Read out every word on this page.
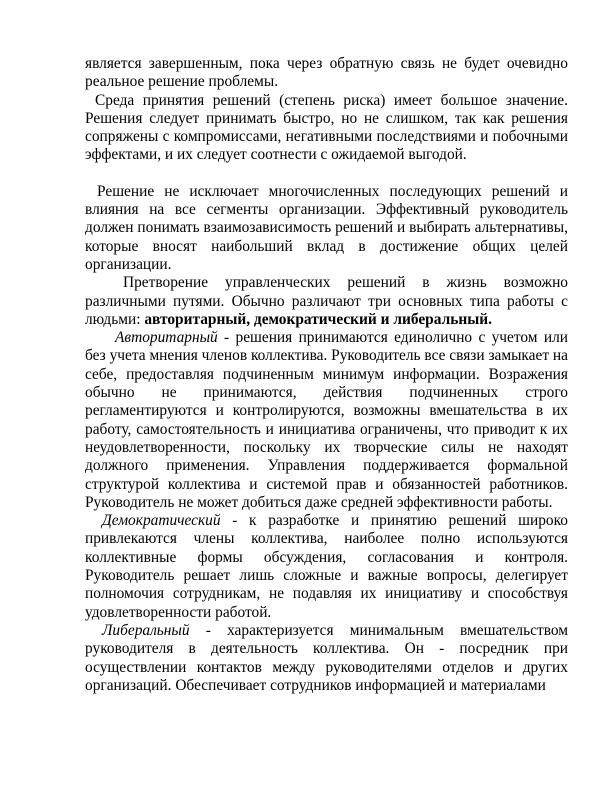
является завершенным, пока через обратную связь не будет очевидно реальное решение проблемы.

Среда принятия решений (степень риска) имеет большое значение. Решения следует принимать быстро, но не слишком, так как решения сопряжены с компромиссами, негативными последствиями и побочными эффектами, и их следует соотнести с ожидаемой выгодой.

Решение не исключает многочисленных последующих решений и влияния на все сегменты организации. Эффективный руководитель должен понимать взаимозависимость решений и выбирать альтернативы, которые вносят наибольший вклад в достижение общих целей организации.

Претворение управленческих решений в жизнь возможно различными путями. Обычно различают три основных типа работы с людьми: авторитарный, демократический и либеральный.

Авторитарный - решения принимаются единолично с учетом или без учета мнения членов коллектива. Руководитель все связи замыкает на себе, предоставляя подчиненным минимум информации. Возражения обычно не принимаются, действия подчиненных строго регламентируются и контролируются, возможны вмешательства в их работу, самостоятельность и инициатива ограничены, что приводит к их неудовлетворенности, поскольку их творческие силы не находят должного применения. Управления поддерживается формальной структурой коллектива и системой прав и обязанностей работников. Руководитель не может добиться даже средней эффективности работы.

Демократический - к разработке и принятию решений широко привлекаются члены коллектива, наиболее полно используются коллективные формы обсуждения, согласования и контроля. Руководитель решает лишь сложные и важные вопросы, делегирует полномочия сотрудникам, не подавляя их инициативу и способствуя удовлетворенности работой.

Либеральный - характеризуется минимальным вмешательством руководителя в деятельность коллектива. Он - посредник при осуществлении контактов между руководителями отделов и других организаций. Обеспечивает сотрудников информацией и материалами
